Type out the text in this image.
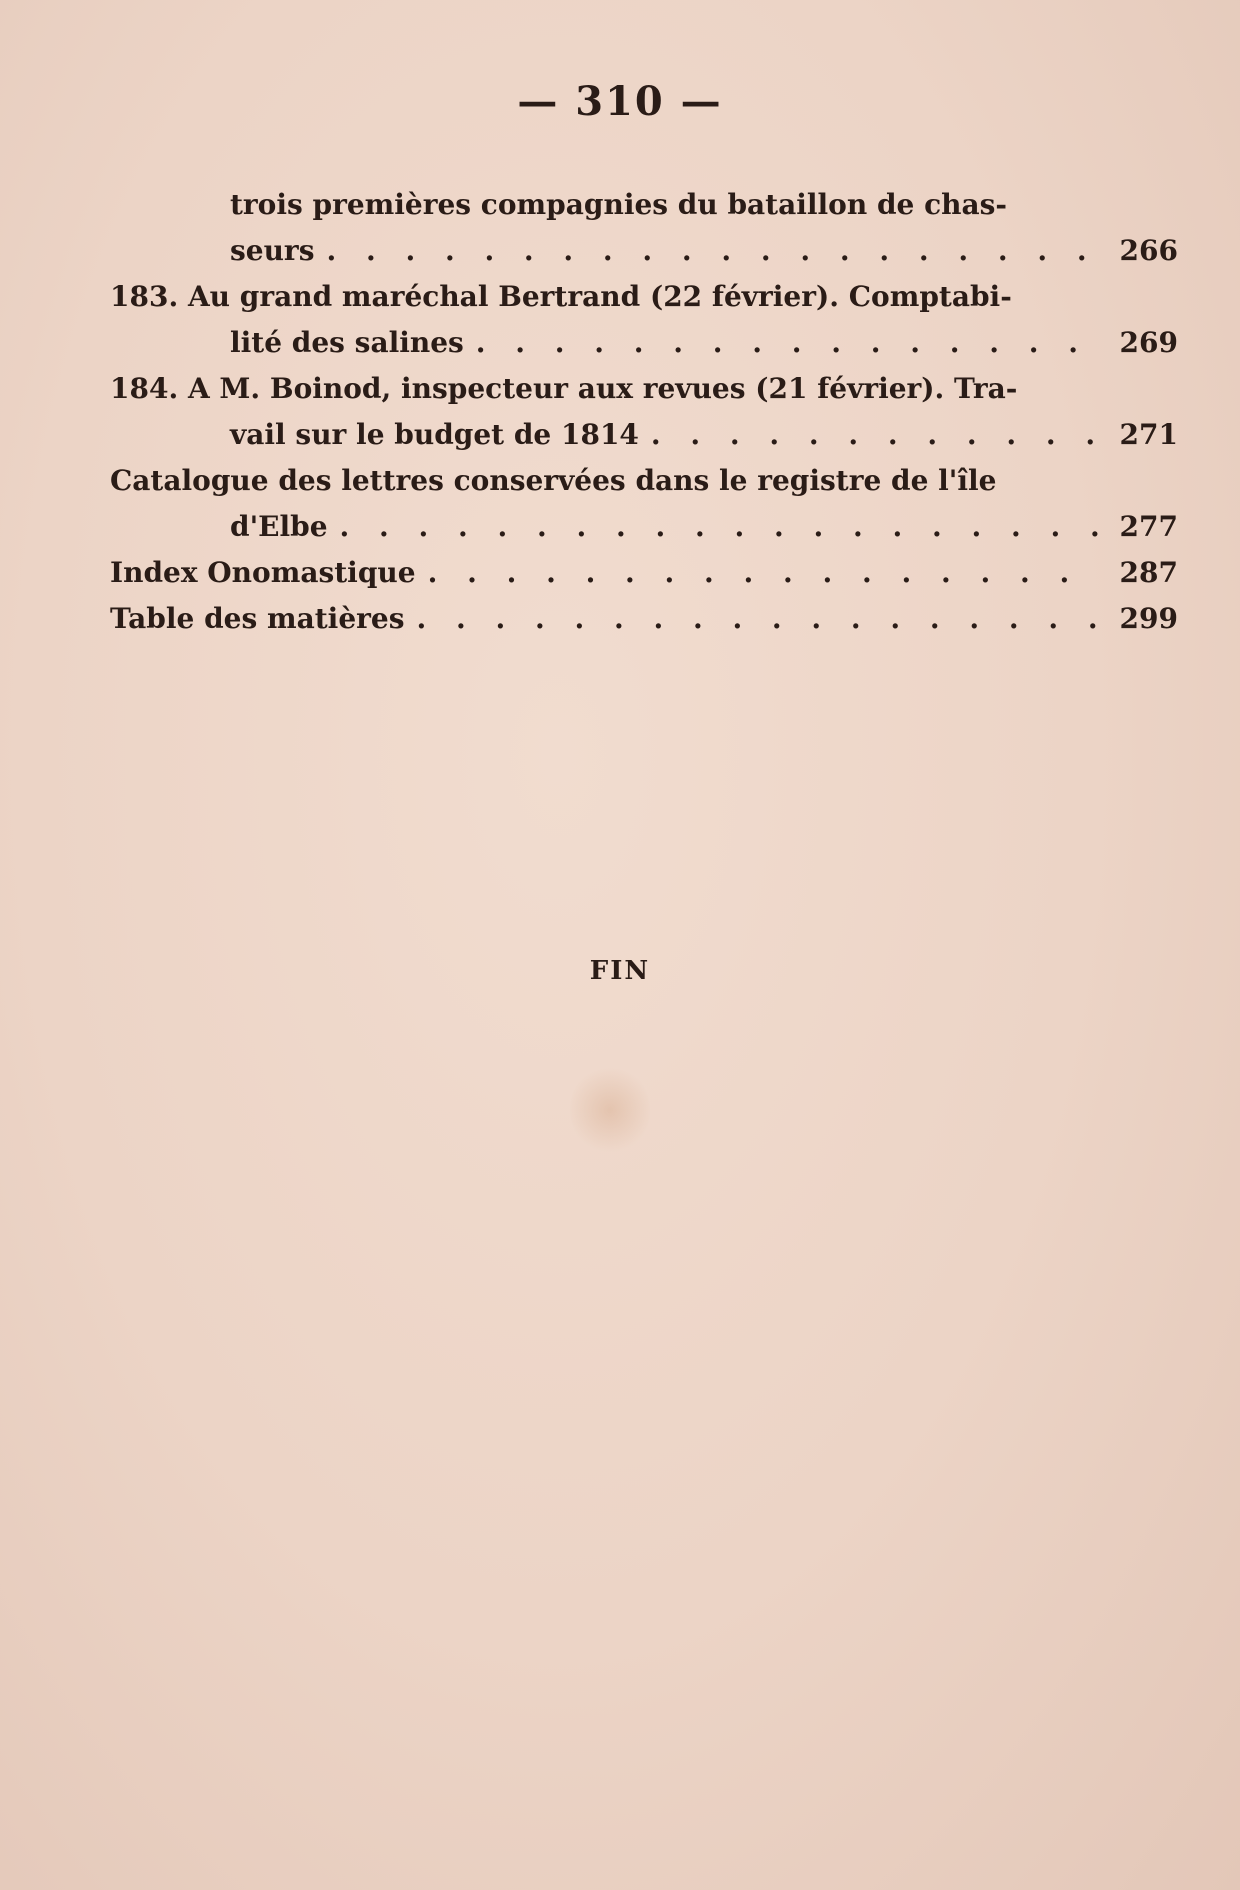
— 310 —
trois premières compagnies du bataillon de chas-
seurs . . .	266
183. Au grand maréchal Bertrand (22 février). Comptabi-
lité des salines . . .	269
184. A M. Boinod, inspecteur aux revues (21 février). Tra-
vail sur le budget de 1814 . . .	271
Catalogue des lettres conservées dans le registre de l'île
d'Elbe . . .	277
Index Onomastique . . .	287
Table des matières . . .	299
FIN
